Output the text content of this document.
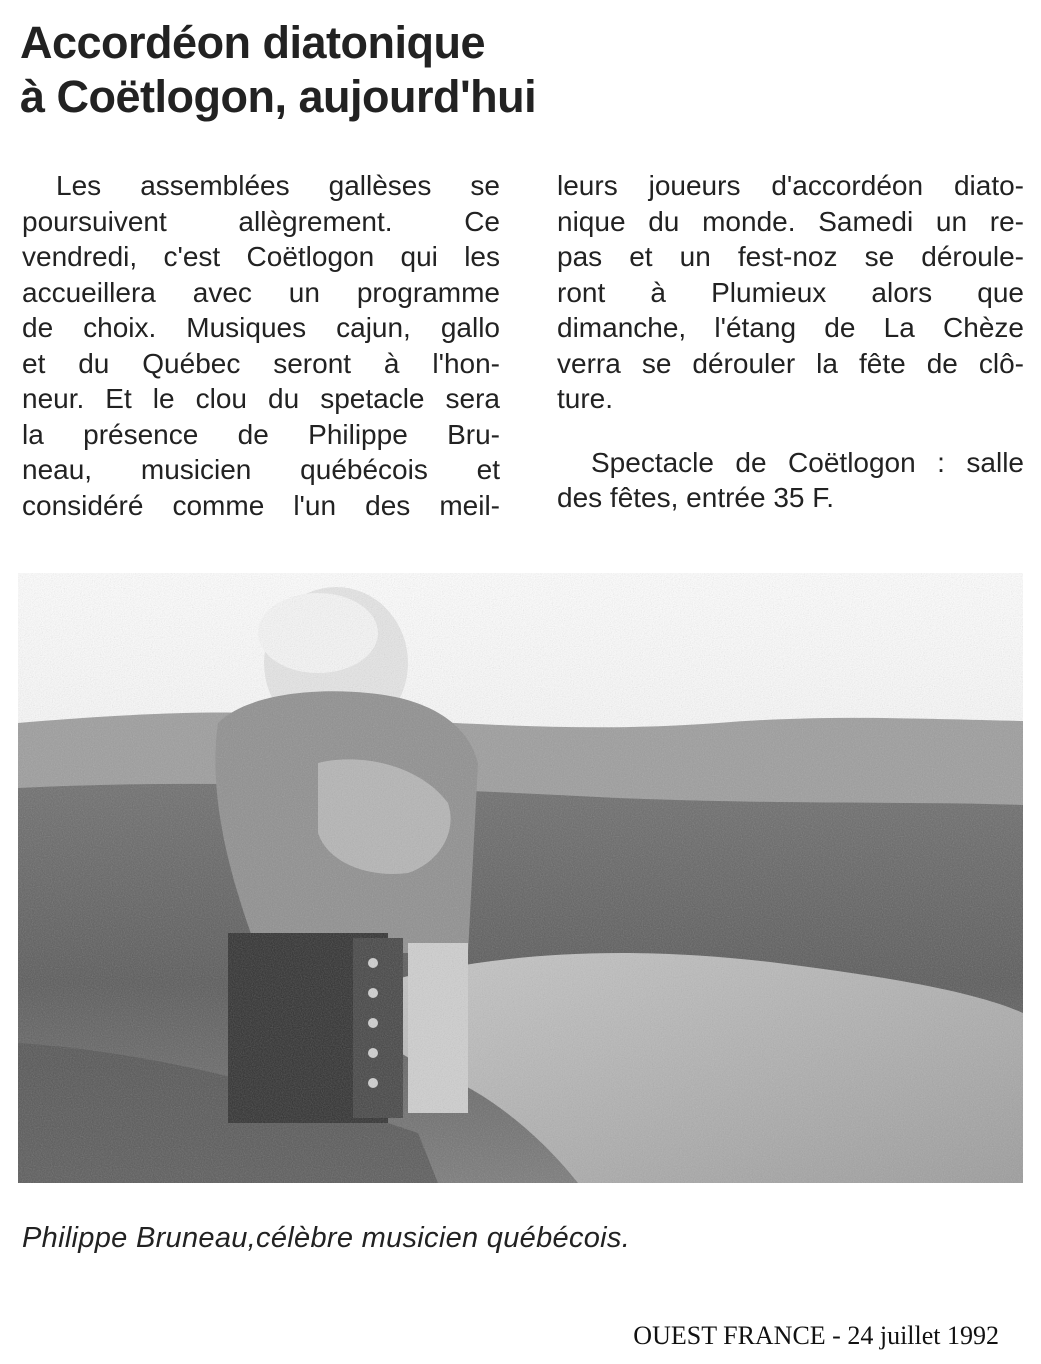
Accordéon diatonique
à Coëtlogon, aujourd'hui

Les assemblées gallèses se
poursuivent allègrement. Ce
vendredi, c'est Coëtlogon qui les
accueillera avec un programme
de choix. Musiques cajun, gallo
et du Québec seront à l'hon-
neur. Et le clou du spetacle sera
la présence de Philippe Bru-
neau, musicien québécois et
considéré comme l'un des meil-

leurs joueurs d'accordéon diato-
nique du monde. Samedi un re-
pas et un fest-noz se déroule-
ront à Plumieux alors que
dimanche, l'étang de La Chèze
verra se dérouler la fête de clô-
ture.

Spectacle de Coëtlogon : salle
des fêtes, entrée 35 F.

Philippe Bruneau,célèbre musicien québécois.
OUEST FRANCE - 24 juillet 1992
